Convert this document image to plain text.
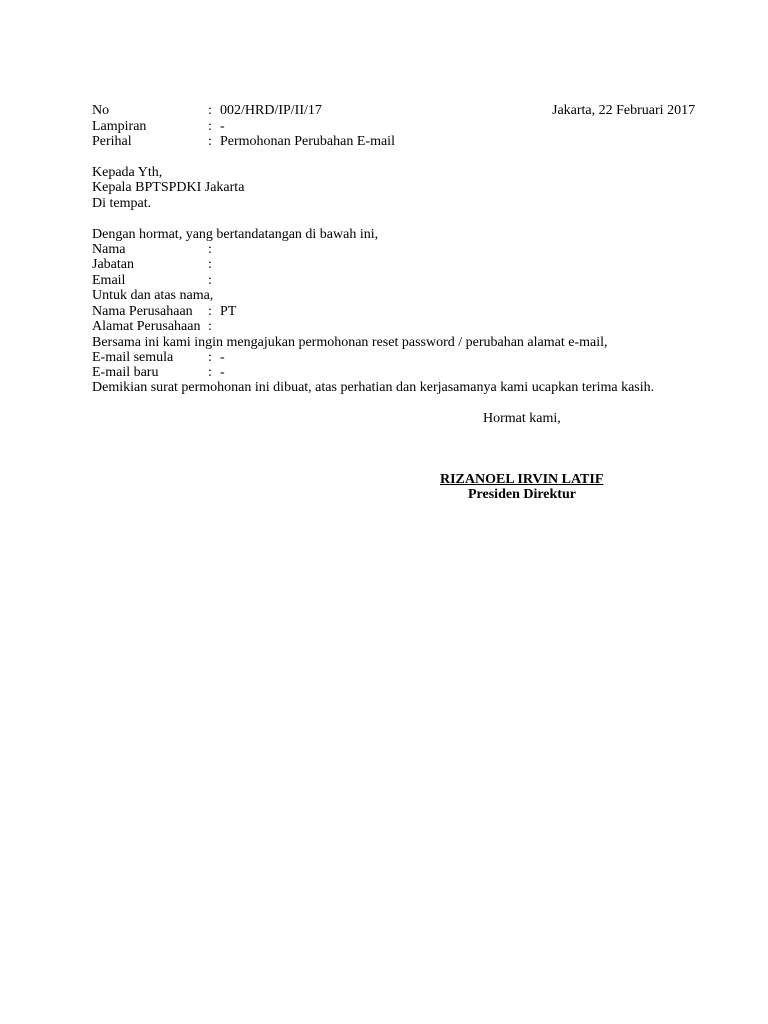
No	: 002/HRD/IP/II/17	Jakarta, 22 Februari 2017
Lampiran	: -
Perihal	: Permohonan Perubahan E-mail
Kepada Yth,
Kepala BPTSPDKI Jakarta
Di tempat.
Dengan hormat, yang bertandatangan di bawah ini,
Nama	:
Jabatan	:
Email	:
Untuk dan atas nama,
Nama Perusahaan	: PT
Alamat Perusahaan :
Bersama ini kami ingin mengajukan permohonan reset password / perubahan alamat e-mail,
E-mail semula	: -
E-mail baru	: -
Demikian surat permohonan ini dibuat, atas perhatian dan kerjasamanya kami ucapkan terima kasih.
Hormat kami,
RIZANOEL IRVIN LATIF
Presiden Direktur
